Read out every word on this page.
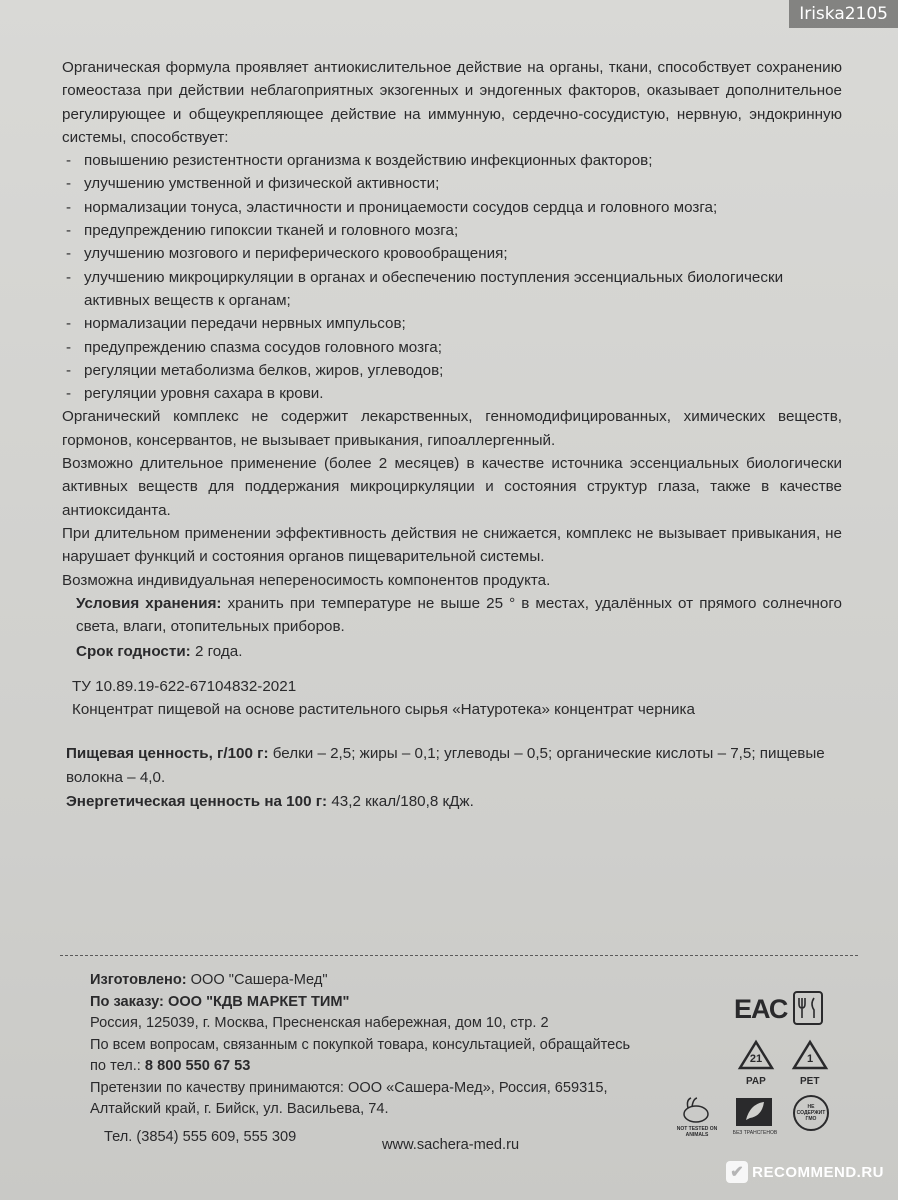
Iriska2105

Органическая формула проявляет антиокислительное действие на органы, ткани, способствует сохранению гомеостаза при действии неблагоприятных экзогенных и эндогенных факторов, оказывает дополнительное регулирующее и общеукрепляющее действие на иммунную, сердечно-сосудистую, нервную, эндокринную системы, способствует:

- повышению резистентности организма к воздействию инфекционных факторов;
- улучшению умственной и физической активности;
- нормализации тонуса, эластичности и проницаемости сосудов сердца и головного мозга;
- предупреждению гипоксии тканей и головного мозга;
- улучшению мозгового и периферического кровообращения;
- улучшению микроциркуляции в органах и обеспечению поступления эссенциальных биологически активных веществ к органам;
- нормализации передачи нервных импульсов;
- предупреждению спазма сосудов головного мозга;
- регуляции метаболизма белков, жиров, углеводов;
- регуляции уровня сахара в крови.

Органический комплекс не содержит лекарственных, генномодифицированных, химических веществ, гормонов, консервантов, не вызывает привыкания, гипоаллергенный.

Возможно длительное применение (более 2 месяцев) в качестве источника эссенциальных биологически активных веществ для поддержания микроциркуляции и состояния структур глаза, также в качестве антиоксиданта.

При длительном применении эффективность действия не снижается, комплекс не вызывает привыкания, не нарушает функций и состояния органов пищеварительной системы.

Возможна индивидуальная непереносимость компонентов продукта.

Условия хранения: хранить при температуре не выше 25 ° в местах, удалённых от прямого солнечного света, влаги, отопительных приборов.

Срок годности: 2 года.

ТУ 10.89.19-622-67104832-2021
Концентрат пищевой на основе растительного сырья «Натуротека» концентрат черника

Пищевая ценность, г/100 г: белки – 2,5; жиры – 0,1; углеводы – 0,5; органические кислоты – 7,5; пищевые волокна – 4,0.

Энергетическая ценность на 100 г: 43,2 ккал/180,8 кДж.

Изготовлено: ООО "Сашера-Мед"

По заказу: ООО "КДВ МАРКЕТ ТИМ"

Россия, 125039, г. Москва, Пресненская набережная, дом 10, стр. 2

По всем вопросам, связанным с покупкой товара, консультацией, обращайтесь по тел.: 8 800 550 67 53

Претензии по качеству принимаются: ООО «Сашера-Мед», Россия, 659315, Алтайский край, г. Бийск, ул. Васильева, 74.

Тел. (3854) 555 609, 555 309	www.sachera-med.ru
ЕАС
21
PAP
1
PET
NOT TESTED ON ANIMALS	БЕЗ ТРАНСГЕНОВ
НЕ СОДЕРЖИТ ГМО
✔ RECOMMEND.RU
